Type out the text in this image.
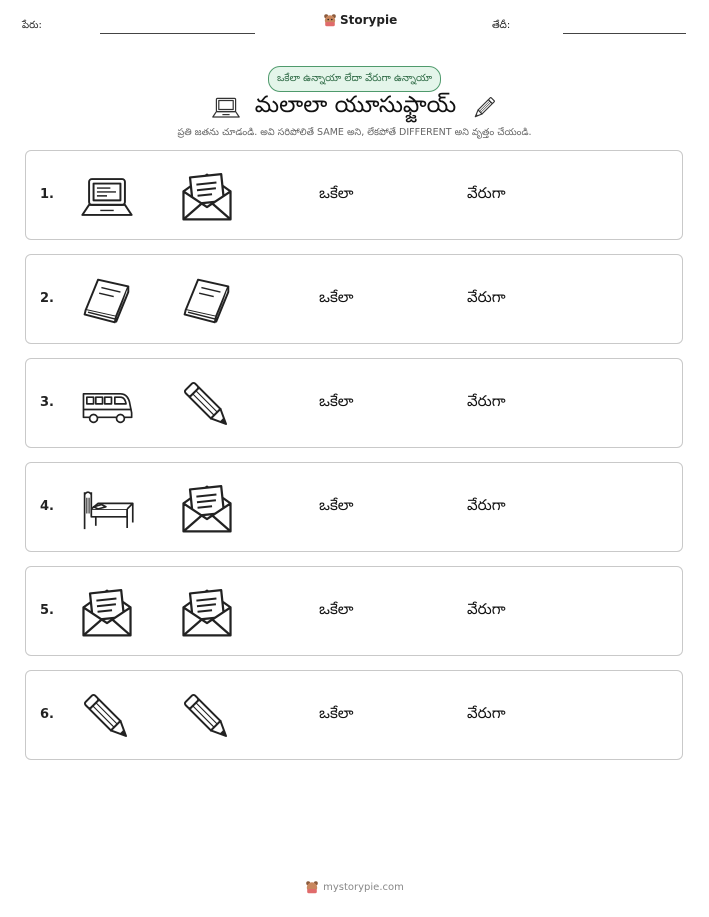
పేరు:	Storypie	తేదీ:
ఒకేలా ఉన్నాయా లేదా వేరుగా ఉన్నాయా
మలాలా యూసుఫ్జాయ్
ప్రతి జతను చూడండి. అవి సరిపోలితే SAME అని, లేకపోతే DIFFERENT అని వృత్తం చేయండి.
1.	ఒకేలా	వేరుగా
2.	ఒకేలా	వేరుగా
3.	ఒకేలా	వేరుగా
4.	ఒకేలా	వేరుగా
5.	ఒకేలా	వేరుగా
6.	ఒకేలా	వేరుగా
mystorypie.com
